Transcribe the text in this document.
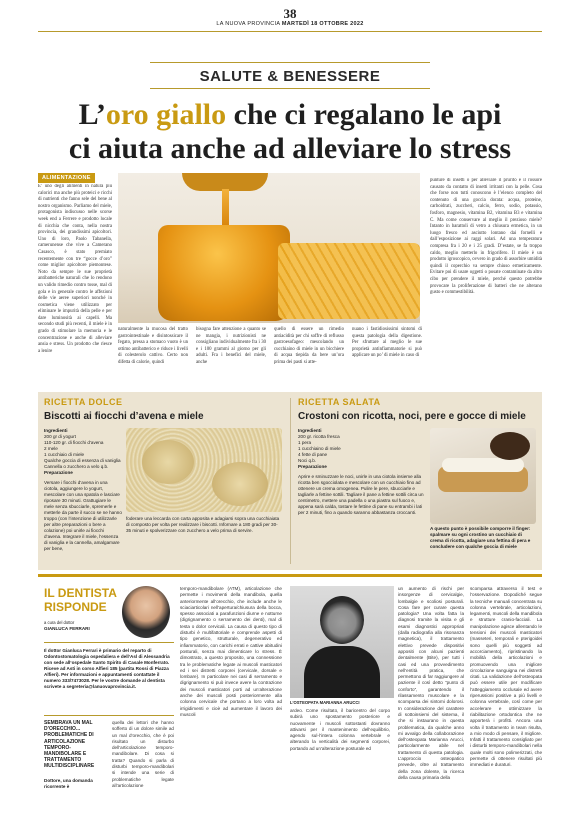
38
LA NUOVA PROVINCIA MARTEDÌ 18 OTTOBRE 2022
SALUTE & BENESSERE
L’oro giallo che ci regalano le api
ci aiuta anche ad alleviare lo stress
ALIMENTAZIONE
E’ uno degli alimenti in natura più calorici ma anche più proteici e ricchi di nutrienti che fanno sele del bene al nostro organismo. Parliamo del miele, protagonista indiscusso nelle scorse week end a Ferrere e prodotto locale di nicchia che conta, nella nostra provincia, dei grandissimi apicoltori. Uno di loro, Paolo Tabanella, camerunense che vive a Camerano Casasco, è stato premiato recentemente con tre “gocce d’oro” come miglior apicoltore piemontese. Noto da sempre le sue proprietà antibatteriche naturali che lo rendono un valido rimedio contro tosse, mal di gola e in generale contro le affezioni delle vie aeree superiori nonché in cosmetica viene utilizzato per eliminare le impurità della pelle e per dare luminosità ai capelli. Ma secondo studi più recenti, il miele è in grado di stimolare la memoria e le concentrazione e anche di alleviare ansia e stress. Un prodotto che riesce a lenire
naturalmente la mucosa del tratto gastrointestinale e disintossicare il fegato, pressa a stomaco vuoto è un ottimo antibatterico e riduce i livelli di colesterolo cattivo. Certo non difetta di calorie, quindi
bisogna fare attenzione a quanto se ne mangia, i nutrizionisti ne consigliano individualmente fra i 30 e i 100 grammi al giorno per gli adulti. Fra i benefici del miele, anche
quello di essere un rimedio antiacidità per chi soffre di reflusso gastroesofageo: mescolando un cucchiaino di miele in un bicchiere di acqua tiepida da bere un’ora prima dei pasti si atte-
nuano i fastidiosissimi sintomi di questa patologia della digestione. Per sfruttare al meglio le sue proprietà antinfiammatorie si può applicare un po’ di miele in caso di
punture di insetti o per alleviare il prurito e il rossore causato da contatto di insetti irritanti con la pelle. Cosa che forse non tutti conoscono è l’elenco completo del contenuto di una goccia dorata: acqua, proteine, carboidrati, zuccheri, calcio, ferro, sodio, potassio, fosforo, magnesio, vitamina B2, vitamina B3 e vitamina C. Ma come conservare al meglio il prezioso miele? Intanto in barattoli di vetro a chiusura ermetica, in un luogo fresco ed asciutto lontano dai fornelli e dall’esposizione ai raggi solari. Ad una temperatura compresa fra i 20 e i 25 gradi. D’estate, se fa troppo caldo, meglio metterlo in frigorifero. Il miele è un prodotto igroscopico, ovvero in grado di assorbire umidità quindi il coperchio va sempre chiuso ermeticamente. Evitare poi di usare oggetti o posate contaminate da altro cibo per prendere il miele, perché questo potrebbe provocare la proliferazione di batteri che ne alterano gusto e commestibilità.
RICETTA DOLCE
Biscotti ai fiocchi d’avena e miele
Ingredienti
200 gr di yogurt
110-120 gr. di fiocchi d’avena
2 mele
1 cucchiaio di miele
Qualche goccia di essenza di vaniglia
Cannella o zucchero a velo q.b.
Preparazione
Versare i fiocchi d’avena in una ciotola, aggiungere lo yogurt, mescolare con una spatola e lasciare riposare 30 minuti. Grattugiare le mele senza sbucciarle, spremerle e metterle da parte il succo se ne hanno troppo (con l’intenzione di utilizzarle per altre preparazioni o bere a colazione) poi unirle ai fiocchi d’avena. Integrare il miele, l’essenza di vaniglia e la cannella, amalgamare per bene,
foderare una leccarda con carta apposita e adagiarsi sopra una cucchiaiata di composto per volta per realizzare i biscotti. Infornare a 180 gradi per 30-35 minuti e spolverizzare con zucchero a velo prima di servire.
RICETTA SALATA
Crostoni con ricotta, noci, pere e gocce di miele
Ingredienti
200 gr. ricotta fresca
1 pera
1 cucchiaino di miele
4 fette di pane
Noci q.b.
Preparazione
Aprire e sminuzzare le noci, unirle in una ciotola insieme alla ricotta ben sgocciolata e mescolare con un cucchiaio fino ad ottenere un crema omogenea. Pulire le pere, sbucciarle e tagliarle a fettine sottili. Tagliare il pane a fettine sottili circa un centimetro, mettere una padella o una piastra sul fuoco e, appena sarà calda, tostare le fettine di pane su entrambi i lati per 2 minuti, fino a quando saranno abbastanza croccanti.
A questo punto è possibile comporre il finger: spalmare su ogni crostino un cucchiaio di crema di ricotta, adagiare una fettina di pera e concludere con qualche goccia di miele
IL DENTISTA
RISPONDE
a cura del dottor
GIANLUCA FERRARI
Il dottor Gianluca Ferrari è primario del reparto di Odontostomatologia ospedaliera e dell’Asl di Alessandria con sede all’ospedale Santo Spirito di Casale Monferrato. Riceve ad Asti in corso Alfieri 185 (partita Rossi di Piazza Alfieri). Per informazioni e appuntamenti contattate il numero 333/7473028. Per le vostre domande al dentista scrivete a segreteria@lanuovaprovincia.it.
SEMBRAVA UN MAL D’ORECCHIO... PROBLEMATICHE DI ARTICOLAZIONE TEMPORO-MANDIBOLARE E TRATTAMENTO MULTIDISCIPLINARE
Dottore, una domanda ricorrente è
quella dei lettori che hanno sofferto di un dolore simile ad un mal d’orecchio, che è poi risultato un disturbo dell’articolazione temporo-mandibolare. Di cosa si tratta? Quando si parla di disturbi temporo-mandibolari si intende una serie di problematiche legate all’articolazione
temporo-mandibolare (ATM), articolazione che permette i movimenti della mandibola, quella anteriormente all’orecchio, che include anche le sciaciarticolari nell’apertura/chiusura della bocca, spesso associati a parafunzioni diurne e notturne (digrignamento o serramento dei denti), mal di testa o dolor cervicali. La causa di questo tipo di disturbi è multifattoriale e comprende aspetti di tipo genetico, strutturale, degenerativo ed infiammatorio, con carichi errati e cattive abitudini posturali, senza mai dimenticare lo stress. È dimostrato, a questo proposito, una connessione tra le problematiche legate ai muscoli masticatori ed i sei distretti corporei (cervicale, dorsale e lombare). In particolare nei casi di serramento e digrignamento si può invece avere la contrazione dei muscoli masticatori porti ad un’alterazione anche dei muscoli posti posteriormente alla colonna cervicale che portano a loro volta ad irrigidimenti e cioè ad aumentare il lavoro dei muscoli
L’OSTEOPATA MARIANNA ARUCCI
ardeo. Come risultato, il baricentro del corpo subirà uno spostamento posteriore e nuovamente i muscoli sottostanti dovranno attivarsi per il mantenimento dell’equilibrio, agendo sul-l’intera colonna vertebrale e alterando la verticalità dei segmenti corporei, portando ad un’alterazione posturale ed
un aumento di rischi per insorgenze di cervicalgie, lombalgie e scoliosi posturali. Cosa fare per curare questa patologia? Una volta fatta la diagnosi tramite la visita e gli esami diagnostici appropriati (dalla radiografia alla risonanza magnetica), il trattamento elettivo prevede dispositivi appositi con alcuni pazienti dentalmente (Bite), per tutti i casi ed una provvedimento nell’entità pratica, che permettono di far raggiungere al paziente il così detto “punto di conforto”, garantendo il rilassamento muscolare e la scomparsa dei sintomi dolorosi. In considerazione del carattere di sottoinsiemi del sistema, il che si instaurano in questa problematica, da qualche anno mi avvalgo della collaborazione dell’osteopata Marianna Arucci, particolarmente abile nel trattamento di questa patologia. L’approccio osteopatico prevede, oltre al trattamento della zona dolente, la ricerca della causa primaria della
scomparsa attraverso il test e l’osservazione. Dopodiché segue la tecniche manuali concentrata su colonna vertebrale, articolazioni, legamenti, muscoli della mandibola e strutture cranio-facciali. La manipolazione agisce allentando le tensioni dei muscoli masticatori (masseteri, temporali e pterigoidei sono quelli più soggetti ad accorciamento), ripristinando la mobilità della articolazioni e promuovendo una migliore circolazione sanguigna nei distretti citati. La validazione dell’osteopata può essere utile per modificare l’atteggiamento occlusale ed avere riperussioni positive a più livelli e colonna vertebrale, così come per accelerare e ottimizzare la riabilitazione ortodontica che ne apporterà i profitti. Ancora una volta il trattamento in team risulta, a mio modo di pensare, il migliore. Infatti il trattamento consigliato per i disturbi temporo-mandibolari nella quale molti sono polimerizzati, che permette di ottenere risultati più immediati e duraturi.
